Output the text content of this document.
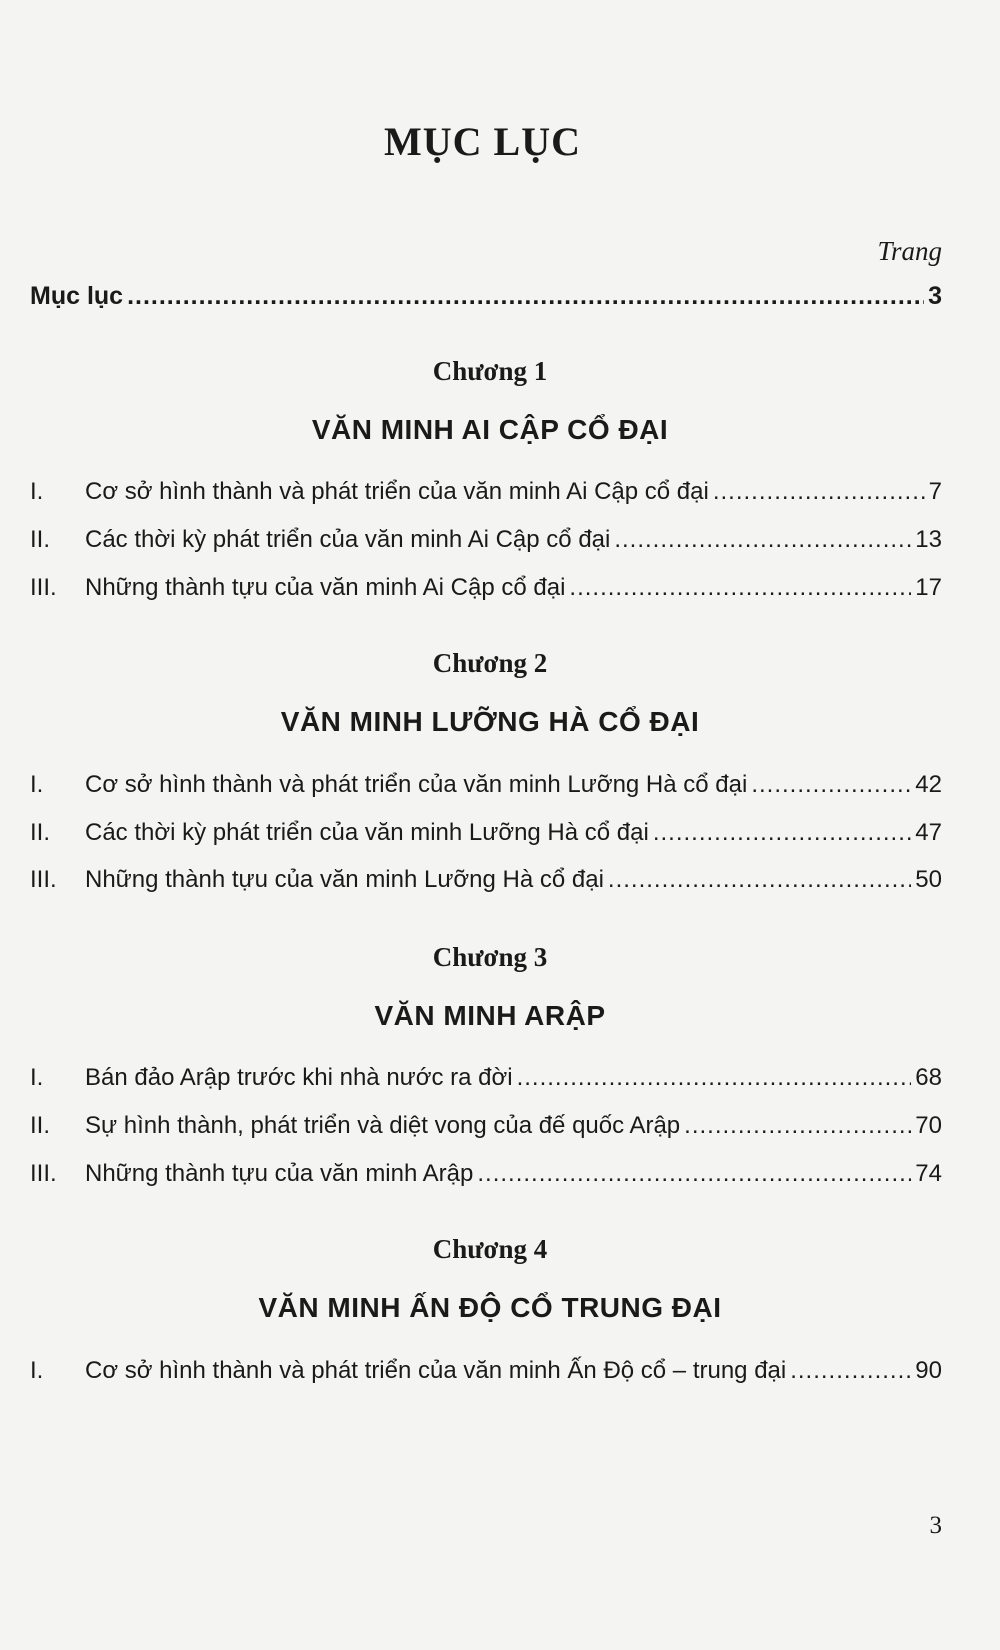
MỤC LỤC
Trang
Mục lục .....	3
Chương 1
VĂN MINH AI CẬP CỔ ĐẠI
I.	Cơ sở hình thành và phát triển của văn minh Ai Cập cổ đại .....	7
II.	Các thời kỳ phát triển của văn minh Ai Cập cổ đại .....	13
III.	Những thành tựu của văn minh Ai Cập cổ đại .....	17
Chương 2
VĂN MINH LƯỠNG HÀ CỔ ĐẠI
I.	Cơ sở hình thành và phát triển của văn minh Lưỡng Hà cổ đại .....	42
II.	Các thời kỳ phát triển của văn minh Lưỡng Hà cổ đại .....	47
III.	Những thành tựu của văn minh Lưỡng Hà cổ đại .....	50
Chương 3
VĂN MINH ARẬP
I.	Bán đảo Arập trước khi nhà nước ra đời .....	68
II.	Sự hình thành, phát triển và diệt vong của đế quốc Arập .....	70
III.	Những thành tựu của văn minh Arập .....	74
Chương 4
VĂN MINH ẤN ĐỘ CỔ TRUNG ĐẠI
I.	Cơ sở hình thành và phát triển của văn minh Ấn Độ cổ – trung đại .....	90
3
